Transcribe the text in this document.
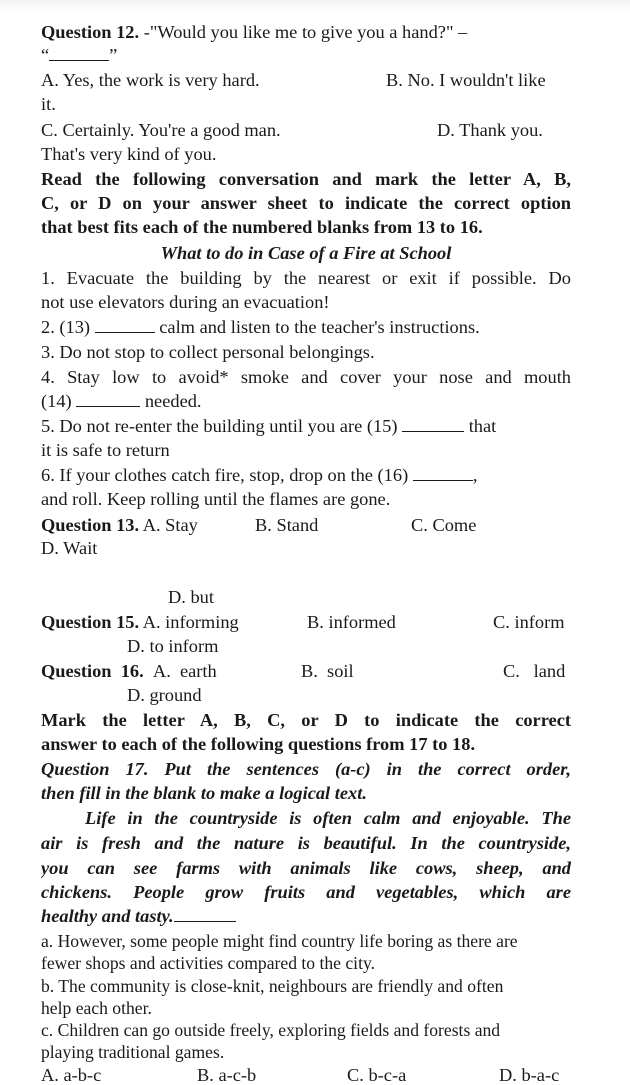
Question 12. -"Would you like me to give you a hand?" –
“	”
A. Yes, the work is very hard.	B. No. I wouldn't like
it.
C. Certainly. You're a good man.	D. Thank you.
That's very kind of you.
Read the following conversation and mark the letter A, B,
C, or D on your answer sheet to indicate the correct option
that best fits each of the numbered blanks from 13 to 16.
What to do in Case of a Fire at School
1. Evacuate the building by the nearest or exit if possible. Do
not use elevators during an evacuation!
2. (13)	calm and listen to the teacher's instructions.
3. Do not stop to collect personal belongings.
4. Stay low to avoid* smoke and cover your nose and mouth
(14)	needed.
5. Do not re-enter the building until you are (15)	that
it is safe to return
6. If your clothes catch fire, stop, drop on the (16)	,
and roll. Keep rolling until the flames are gone.
Question 13. A. Stay	B. Stand	C. Come
D. Wait
D. but
Question 15. A. informing	B. informed	C. inform
D. to inform
Question  16.  A.  earth	B.  soil	C.   land
D. ground
Mark the letter A, B, C, or D to indicate the correct
answer to each of the following questions from 17 to 18.
Question 17. Put the sentences (a-c) in the correct order,
then fill in the blank to make a logical text.
Life in the countryside is often calm and enjoyable. The
air is fresh and the nature is beautiful. In the countryside,
you can see farms with animals like cows, sheep, and
chickens. People grow fruits and vegetables, which are
healthy and tasty.
a. However, some people might find country life boring as there are
fewer shops and activities compared to the city.
b. The community is close-knit, neighbours are friendly and often
help each other.
c. Children can go outside freely, exploring fields and forests and
playing traditional games.
A. a-b-c	B. a-c-b	C. b-c-a	D. b-a-c
